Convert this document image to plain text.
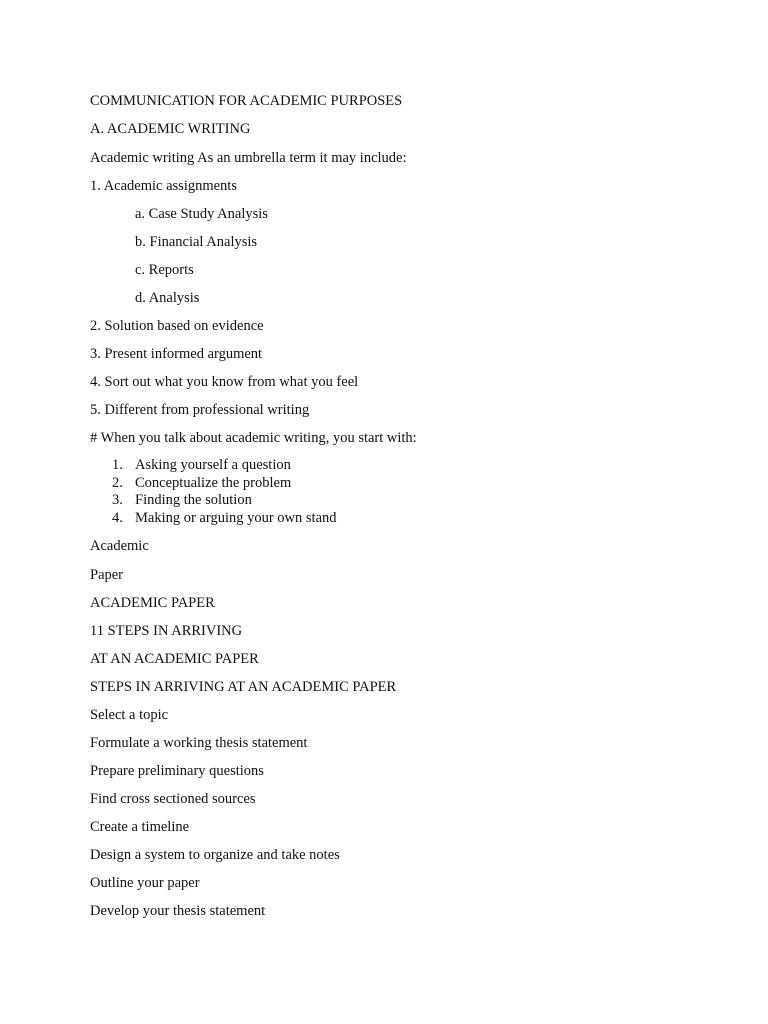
COMMUNICATION FOR ACADEMIC PURPOSES
A. ACADEMIC WRITING
Academic writing As an umbrella term it may include:
1. Academic assignments
a. Case Study Analysis
b. Financial Analysis
c. Reports
d. Analysis
2. Solution based on evidence
3. Present informed argument
4. Sort out what you know from what you feel
5. Different from professional writing
# When you talk about academic writing, you start with:
1. Asking yourself a question
2. Conceptualize the problem
3. Finding the solution
4. Making or arguing your own stand
Academic
Paper
ACADEMIC PAPER
11 STEPS IN ARRIVING
AT AN ACADEMIC PAPER
STEPS IN ARRIVING AT AN ACADEMIC PAPER
Select a topic
Formulate a working thesis statement
Prepare preliminary questions
Find cross sectioned sources
Create a timeline
Design a system to organize and take notes
Outline your paper
Develop your thesis statement
